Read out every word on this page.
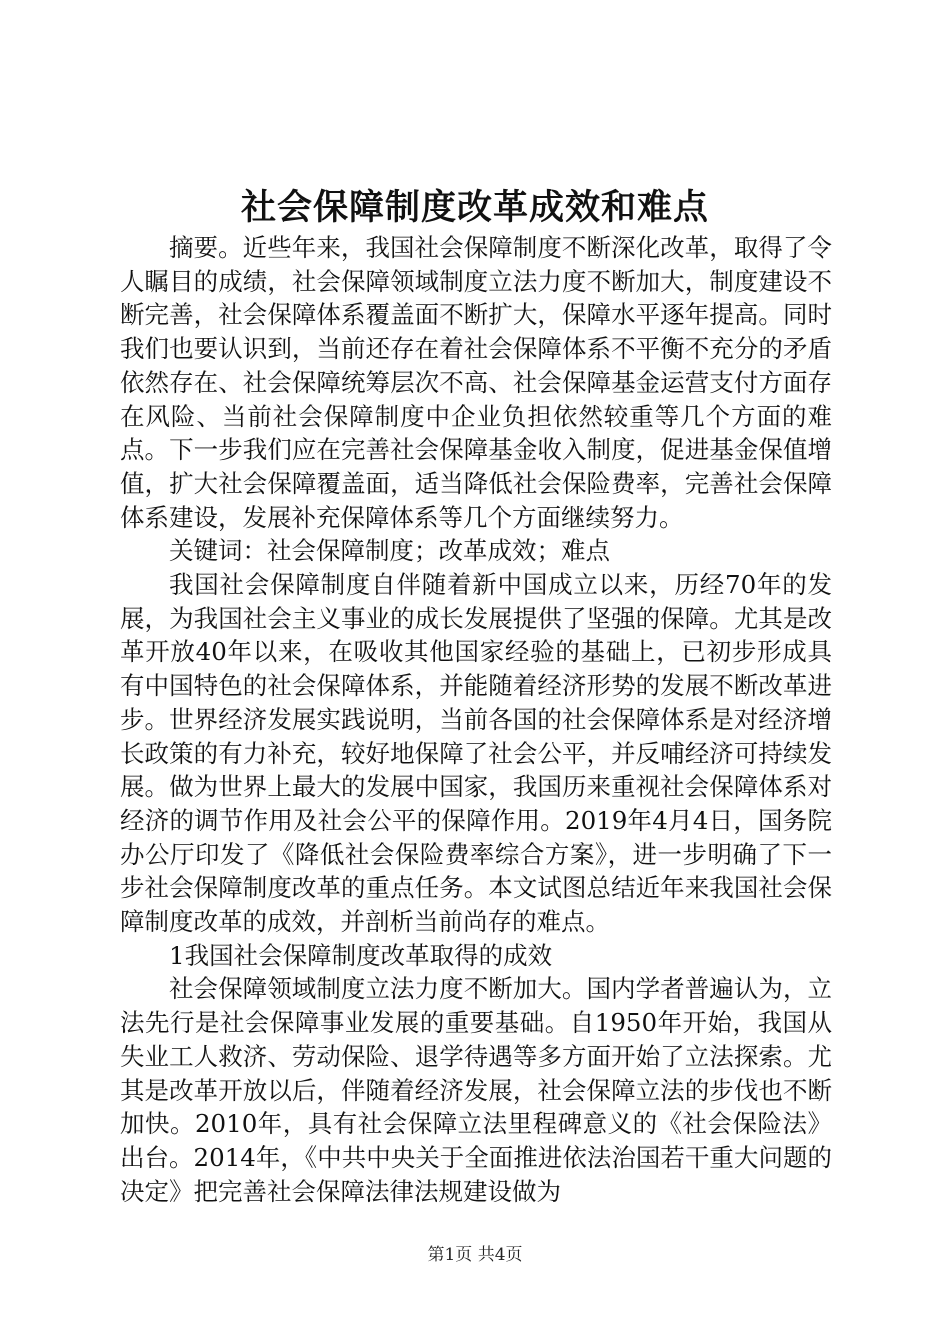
社会保障制度改革成效和难点

摘要。近些年来，我国社会保障制度不断深化改革，取得了令人瞩目的成绩，社会保障领域制度立法力度不断加大，制度建设不断完善，社会保障体系覆盖面不断扩大，保障水平逐年提高。同时我们也要认识到，当前还存在着社会保障体系不平衡不充分的矛盾依然存在、社会保障统筹层次不高、社会保障基金运营支付方面存在风险、当前社会保障制度中企业负担依然较重等几个方面的难点。下一步我们应在完善社会保障基金收入制度，促进基金保值增值，扩大社会保障覆盖面，适当降低社会保险费率，完善社会保障体系建设，发展补充保障体系等几个方面继续努力。

关键词：社会保障制度；改革成效；难点

我国社会保障制度自伴随着新中国成立以来，历经70年的发展，为我国社会主义事业的成长发展提供了坚强的保障。尤其是改革开放40年以来，在吸收其他国家经验的基础上，已初步形成具有中国特色的社会保障体系，并能随着经济形势的发展不断改革进步。世界经济发展实践说明，当前各国的社会保障体系是对经济增长政策的有力补充，较好地保障了社会公平，并反哺经济可持续发展。做为世界上最大的发展中国家，我国历来重视社会保障体系对经济的调节作用及社会公平的保障作用。2019年4月4日，国务院办公厅印发了《降低社会保险费率综合方案》，进一步明确了下一步社会保障制度改革的重点任务。本文试图总结近年来我国社会保障制度改革的成效，并剖析当前尚存的难点。

1我国社会保障制度改革取得的成效

社会保障领域制度立法力度不断加大。国内学者普遍认为，立法先行是社会保障事业发展的重要基础。自1950年开始，我国从失业工人救济、劳动保险、退学待遇等多方面开始了立法探索。尤其是改革开放以后，伴随着经济发展，社会保障立法的步伐也不断加快。2010年，具有社会保障立法里程碑意义的《社会保险法》出台。2014年，《中共中央关于全面推进依法治国若干重大问题的决定》把完善社会保障法律法规建设做为

第1页 共4页
